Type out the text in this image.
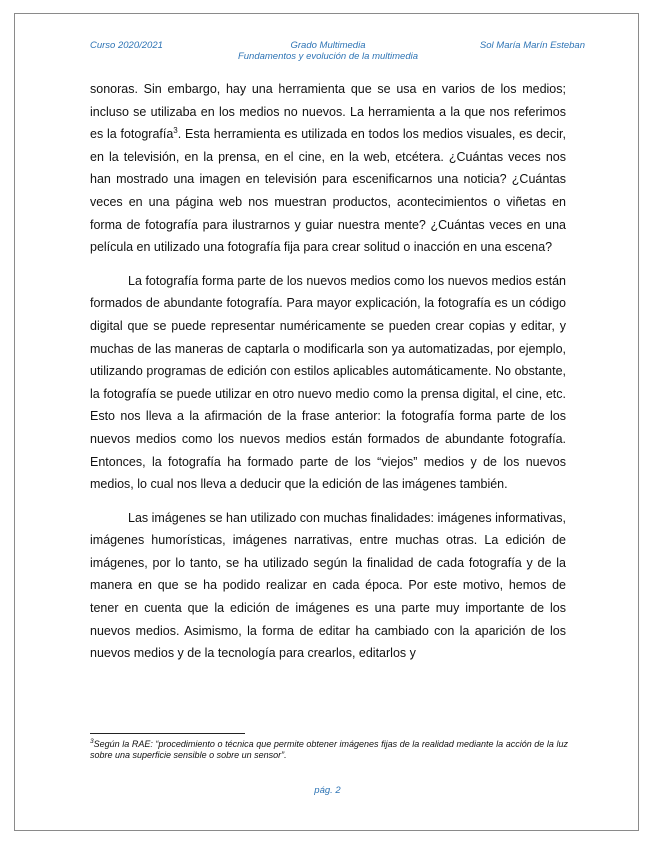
Curso 2020/2021	Grado Multimedia
Fundamentos y evolución de la multimedia
Sol María Marín Esteban

sonoras. Sin embargo, hay una herramienta que se usa en varios de los medios; incluso se utilizaba en los medios no nuevos. La herramienta a la que nos referimos es la fotografía$^3$. Esta herramienta es utilizada en todos los medios visuales, es decir, en la televisión, en la prensa, en el cine, en la web, etcétera. ¿Cuántas veces nos han mostrado una imagen en televisión para escenificarnos una noticia? ¿Cuántas veces en una página web nos muestran productos, acontecimientos o viñetas en forma de fotografía para ilustrarnos y guiar nuestra mente? ¿Cuántas veces en una película en utilizado una fotografía fija para crear solitud o inacción en una escena?

La fotografía forma parte de los nuevos medios como los nuevos medios están formados de abundante fotografía. Para mayor explicación, la fotografía es un código digital que se puede representar numéricamente se pueden crear copias y editar, y muchas de las maneras de captarla o modificarla son ya automatizadas, por ejemplo, utilizando programas de edición con estilos aplicables automáticamente. No obstante, la fotografía se puede utilizar en otro nuevo medio como la prensa digital, el cine, etc. Esto nos lleva a la afirmación de la frase anterior: la fotografía forma parte de los nuevos medios como los nuevos medios están formados de abundante fotografía. Entonces, la fotografía ha formado parte de los “viejos” medios y de los nuevos medios, lo cual nos lleva a deducir que la edición de las imágenes también.

Las imágenes se han utilizado con muchas finalidades: imágenes informativas, imágenes humorísticas, imágenes narrativas, entre muchas otras. La edición de imágenes, por lo tanto, se ha utilizado según la finalidad de cada fotografía y de la manera en que se ha podido realizar en cada época. Por este motivo, hemos de tener en cuenta que la edición de imágenes es una parte muy importante de los nuevos medios. Asimismo, la forma de editar ha cambiado con la aparición de los nuevos medios y de la tecnología para crearlos, editarlos y

$^3$Según la RAE: “procedimiento o técnica que permite obtener imágenes fijas de la realidad mediante la acción de la luz sobre una superficie sensible o sobre un sensor”.
pág. 2
